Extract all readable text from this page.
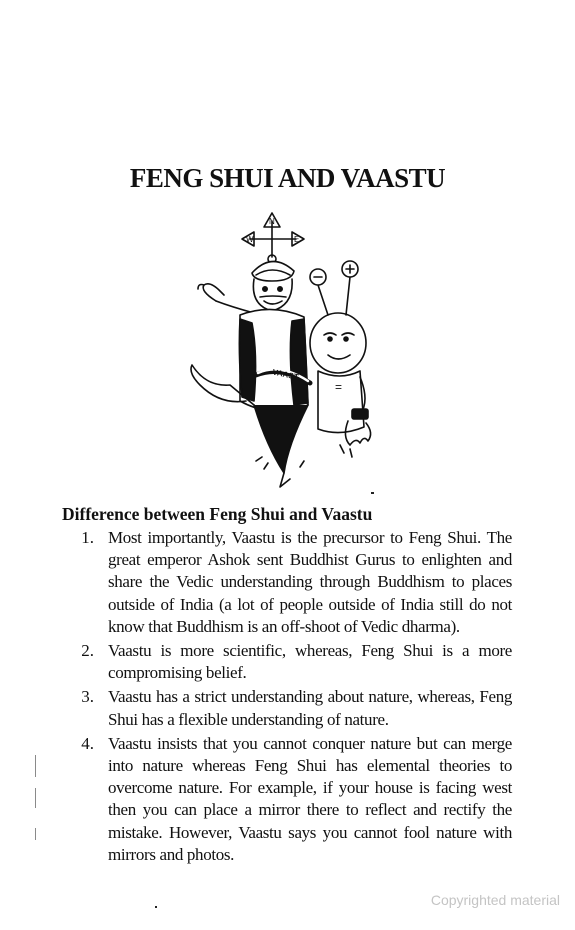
FENG SHUI AND VAASTU
N
W	E
VAAST
=
Difference between Feng Shui and Vaastu
1. Most importantly, Vaastu is the precursor to Feng Shui. The great emperor Ashok sent Buddhist Gurus to enlighten and share the Vedic understanding through Buddhism to places outside of India (a lot of people outside of India still do not know that Buddhism is an off-shoot of Vedic dharma).
2. Vaastu is more scientific, whereas, Feng Shui is a more compromising belief.
3. Vaastu has a strict understanding about nature, whereas, Feng Shui has a flexible understanding of nature.
4. Vaastu insists that you cannot conquer nature but can merge into nature whereas Feng Shui has elemental theories to overcome nature. For example, if your house is facing west then you can place a mirror there to reflect and rectify the mistake. However, Vaastu says you cannot fool nature with mirrors and photos.
Copyrighted material
